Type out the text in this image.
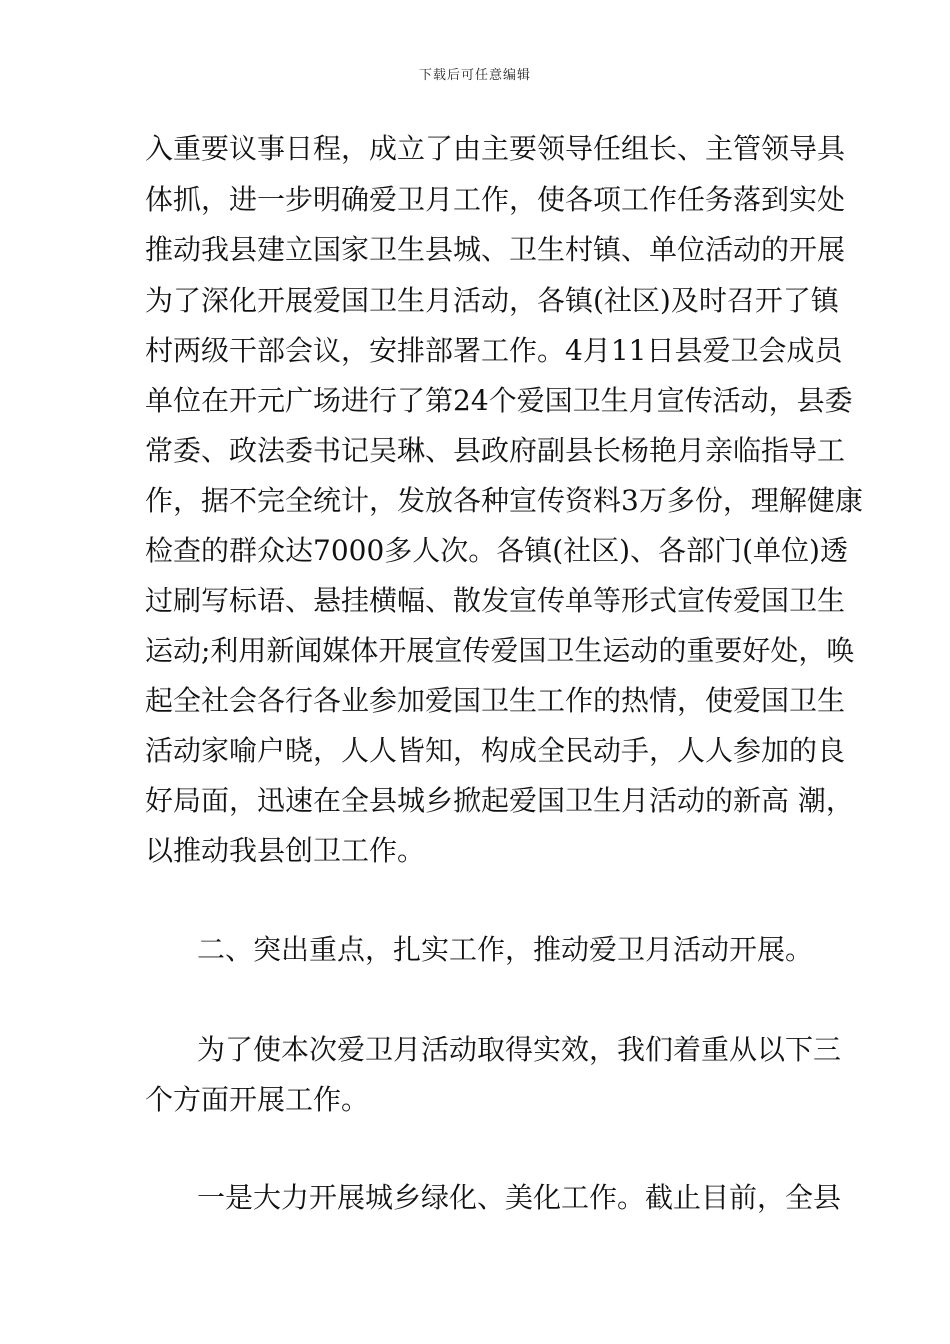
下载后可任意编辑
入重要议事日程，成立了由主要领导任组长、主管领导具
体抓，进一步明确爱卫月工作，使各项工作任务落到实处
推动我县建立国家卫生县城、卫生村镇、单位活动的开展
为了深化开展爱国卫生月活动，各镇(社区)及时召开了镇
村两级干部会议，安排部署工作。4月11日县爱卫会成员
单位在开元广场进行了第24个爱国卫生月宣传活动，县委
常委、政法委书记吴琳、县政府副县长杨艳月亲临指导工
作，据不完全统计，发放各种宣传资料3万多份，理解健康
检查的群众达7000多人次。各镇(社区)、各部门(单位)透
过刷写标语、悬挂横幅、散发宣传单等形式宣传爱国卫生
运动;利用新闻媒体开展宣传爱国卫生运动的重要好处，唤
起全社会各行各业参加爱国卫生工作的热情，使爱国卫生
活动家喻户晓，人人皆知，构成全民动手，人人参加的良
好局面，迅速在全县城乡掀起爱国卫生月活动的新高 潮，
以推动我县创卫工作。
二、突出重点，扎实工作，推动爱卫月活动开展。
为了使本次爱卫月活动取得实效，我们着重从以下三
个方面开展工作。
一是大力开展城乡绿化、美化工作。截止目前，全县
